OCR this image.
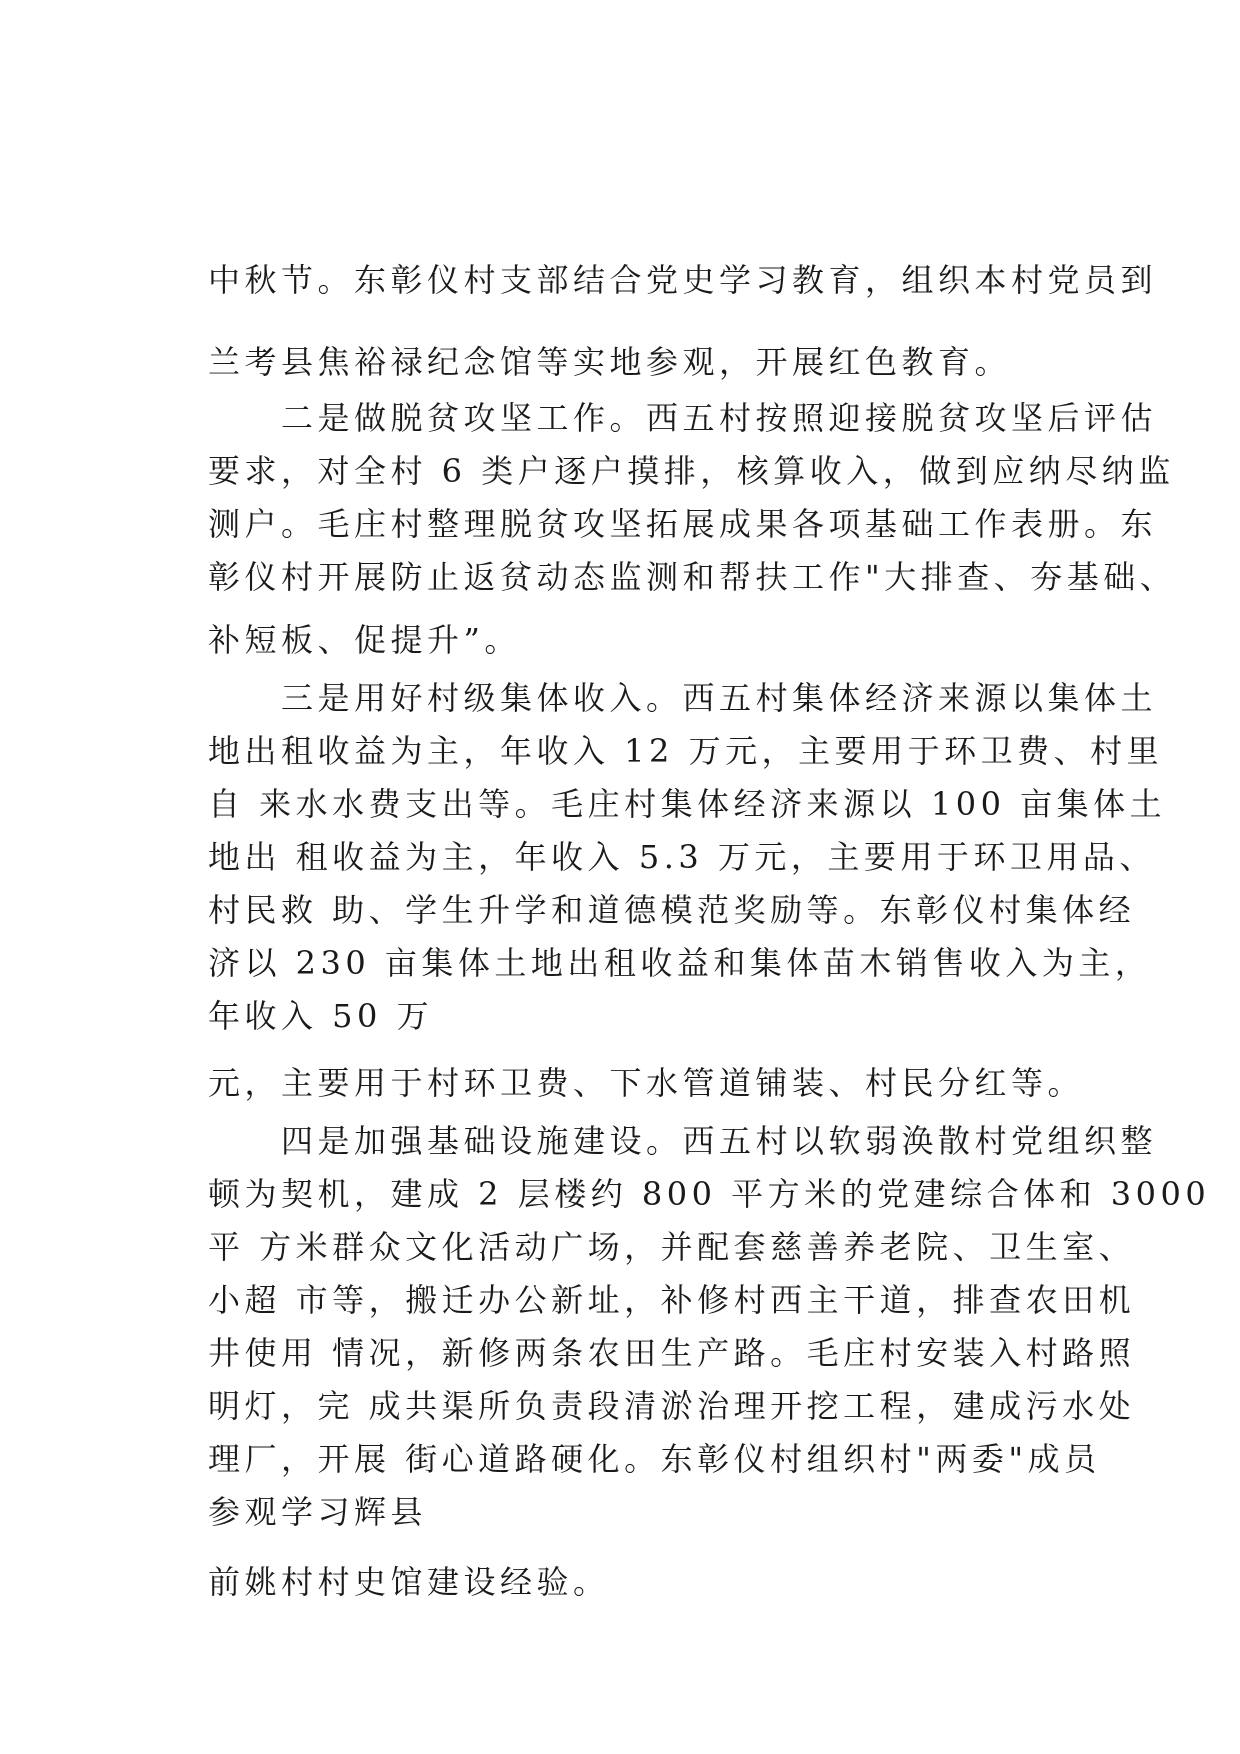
中秋节。东彰仪村支部结合党史学习教育，组织本村党员到
兰考县焦裕禄纪念馆等实地参观，开展红色教育。
　　二是做脱贫攻坚工作。西五村按照迎接脱贫攻坚后评估
要求，对全村 6 类户逐户摸排，核算收入，做到应纳尽纳监
测户。毛庄村整理脱贫攻坚拓展成果各项基础工作表册。东
彰仪村开展防止返贫动态监测和帮扶工作"大排查、夯基础、
补短板、促提升”。
　　三是用好村级集体收入。西五村集体经济来源以集体土
地出租收益为主，年收入 12 万元，主要用于环卫费、村里
自 来水水费支出等。毛庄村集体经济来源以 100 亩集体土
地出 租收益为主，年收入 5.3 万元，主要用于环卫用品、
村民救 助、学生升学和道德模范奖励等。东彰仪村集体经
济以 230 亩集体土地出租收益和集体苗木销售收入为主，
年收入 50 万
元，主要用于村环卫费、下水管道铺装、村民分红等。
　　四是加强基础设施建设。西五村以软弱涣散村党组织整
顿为契机，建成 2 层楼约 800 平方米的党建综合体和 3000
平 方米群众文化活动广场，并配套慈善养老院、卫生室、
小超 市等，搬迁办公新址，补修村西主干道，排查农田机
井使用 情况，新修两条农田生产路。毛庄村安装入村路照
明灯，完 成共渠所负责段清淤治理开挖工程，建成污水处
理厂，开展 街心道路硬化。东彰仪村组织村"两委"成员
参观学习辉县
前姚村村史馆建设经验。
